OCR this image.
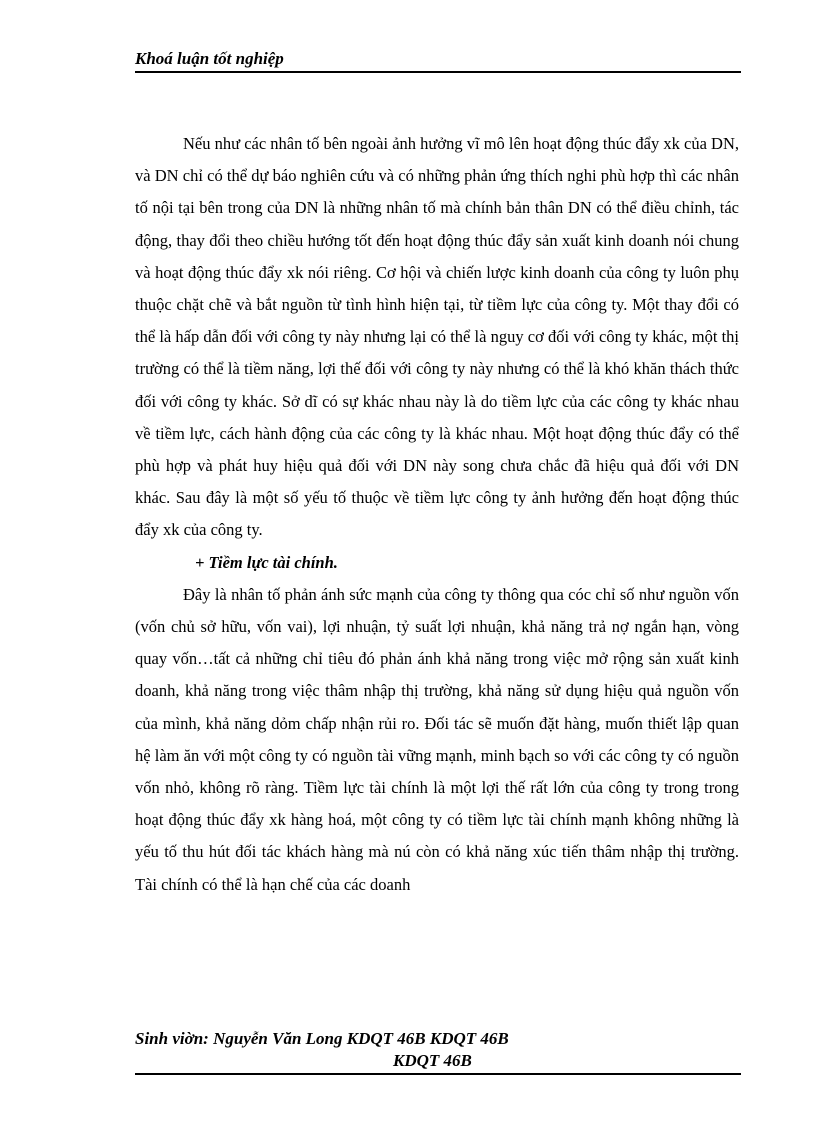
Khoá luận tốt nghiệp

Nếu như các nhân tố bên ngoài ảnh hưởng vĩ mô lên hoạt động thúc đẩy xk của DN, và DN chỉ có thể dự báo nghiên cứu và có những phản ứng thích nghi phù hợp thì các nhân tố nội tại bên trong của DN là những nhân tố mà chính bản thân DN có thể điều chỉnh, tác động, thay đổi theo chiều hướng tốt đến hoạt động thúc đẩy sản xuất kinh doanh nói chung và hoạt động thúc đẩy xk nói riêng. Cơ hội và chiến lược kinh doanh của công ty luôn phụ thuộc chặt chẽ và bắt nguồn từ tình hình hiện tại, từ tiềm lực của công ty. Một thay đổi có thể là hấp dẫn đối với công ty này nhưng lại có thể là nguy cơ đối với công ty khác, một thị trường có thể là tiềm năng, lợi thế đối với công ty này nhưng có thể là khó khăn thách thức đối với công ty khác. Sở dĩ có sự khác nhau này là do tiềm lực của các công ty khác nhau về tiềm lực, cách hành động của các công ty là khác nhau. Một hoạt động thúc đẩy có thể phù hợp và phát huy hiệu quả đối với DN này song chưa chắc đã hiệu quả đối với DN khác. Sau đây là một số yếu tố thuộc về tiềm lực công ty ảnh hưởng đến hoạt động thúc đẩy xk của công ty.

+ Tiềm lực tài chính.

Đây là nhân tố phản ánh sức mạnh của công ty thông qua cóc chỉ số như nguồn vốn (vốn chủ sở hữu, vốn vai), lợi nhuận, tỷ suất lợi nhuận, khả năng trả nợ ngắn hạn, vòng quay vốn…tất cả những chỉ tiêu đó phản ánh khả năng trong việc mở rộng sản xuất kinh doanh, khả năng trong việc thâm nhập thị trường, khả năng sử dụng hiệu quả nguồn vốn của mình, khả năng dỏm chấp nhận rủi ro. Đối tác sẽ muốn đặt hàng, muốn thiết lập quan hệ làm ăn với một công ty có nguồn tài vững mạnh, minh bạch so với các công ty có nguồn vốn nhỏ, không rõ ràng. Tiềm lực tài chính là một lợi thế rất lớn của công ty trong trong hoạt động thúc đẩy xk hàng hoá, một công ty có tiềm lực tài chính mạnh không những là yếu tố thu hút đối tác khách hàng mà nú còn có khả năng xúc tiến thâm nhập thị trường. Tài chính có thể là hạn chế của các doanh

Sinh viờn: Nguyễn Văn Long KDQT 46B KDQT 46B
KDQT 46B
